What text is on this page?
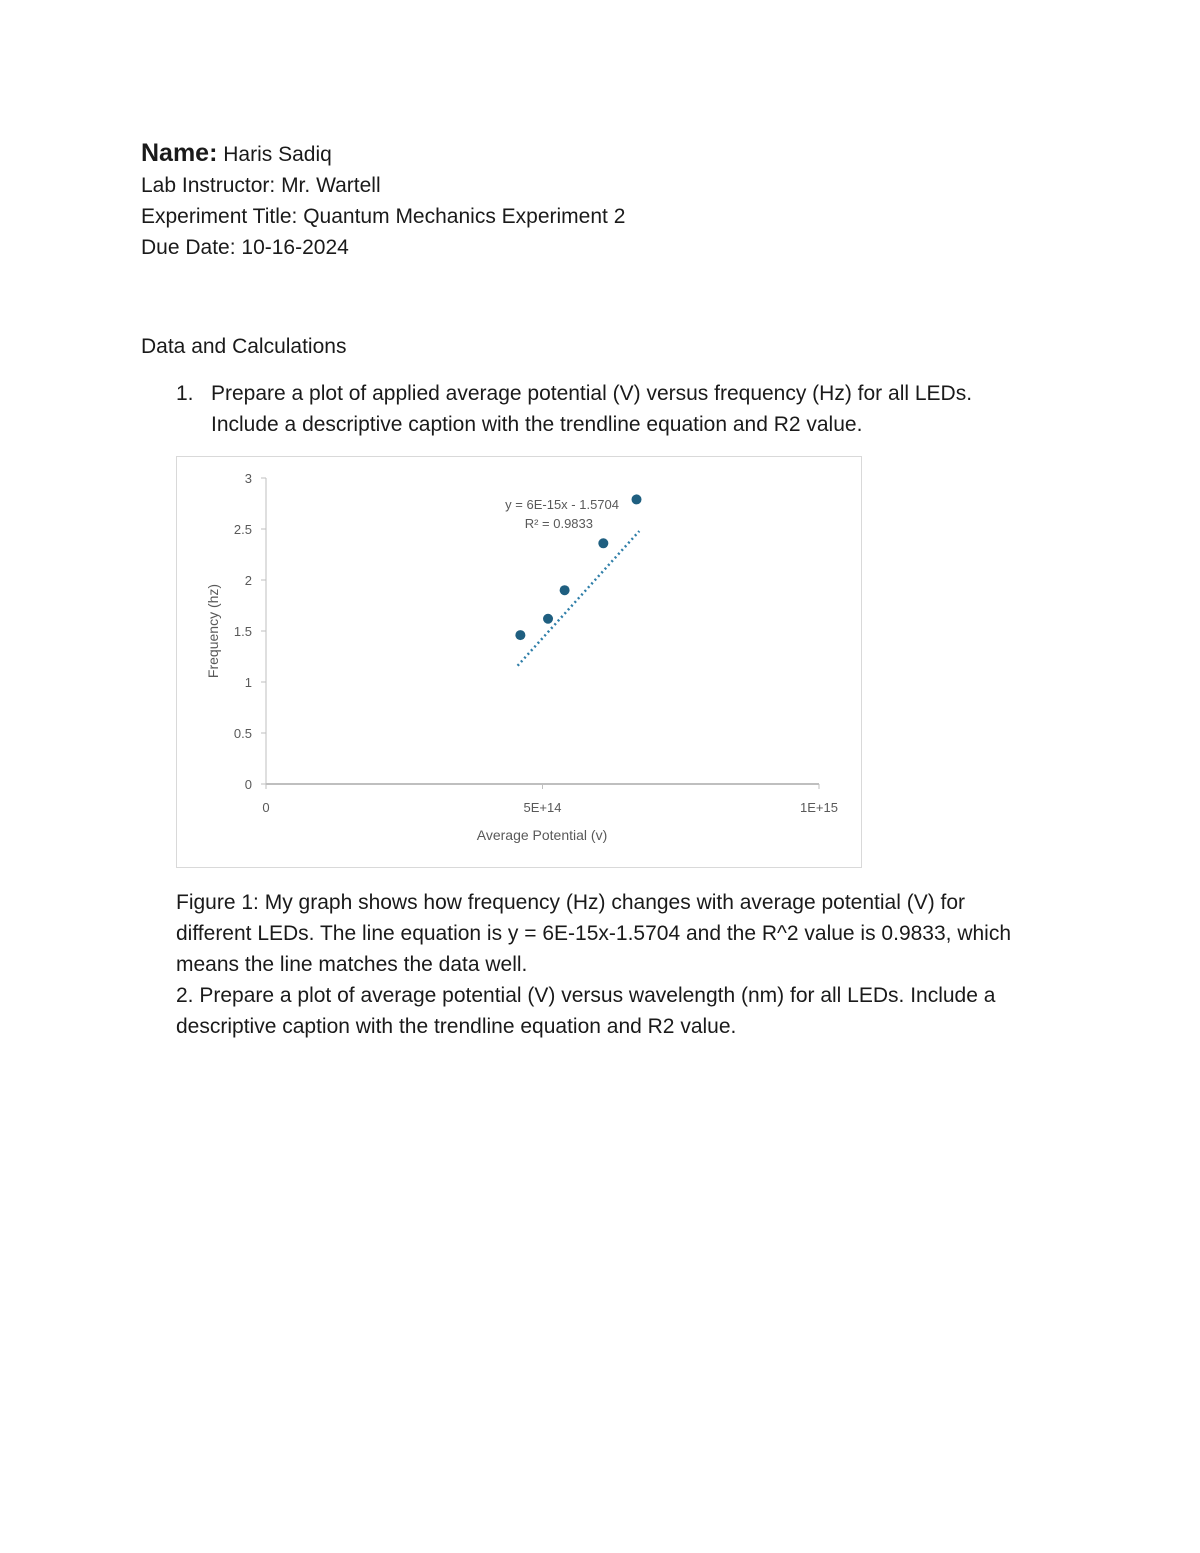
Name: Haris Sadiq
Lab Instructor: Mr. Wartell
Experiment Title: Quantum Mechanics Experiment 2
Due Date: 10-16-2024
Data and Calculations
1. Prepare a plot of applied average potential (V) versus frequency (Hz) for all LEDs. Include a descriptive caption with the trendline equation and R2 value.
0	5E+14	1E+15
0
0.5
1
1.5
2
2.5
3
y = 6E-15x - 1.5704
R² = 0.9833
Average Potential (v)
Frequency (hz)
Figure 1: My graph shows how frequency (Hz) changes with average potential (V) for different LEDs. The line equation is y = 6E-15x-1.5704 and the R^2 value is 0.9833, which means the line matches the data well.
2. Prepare a plot of average potential (V) versus wavelength (nm) for all LEDs. Include a descriptive caption with the trendline equation and R2 value.
